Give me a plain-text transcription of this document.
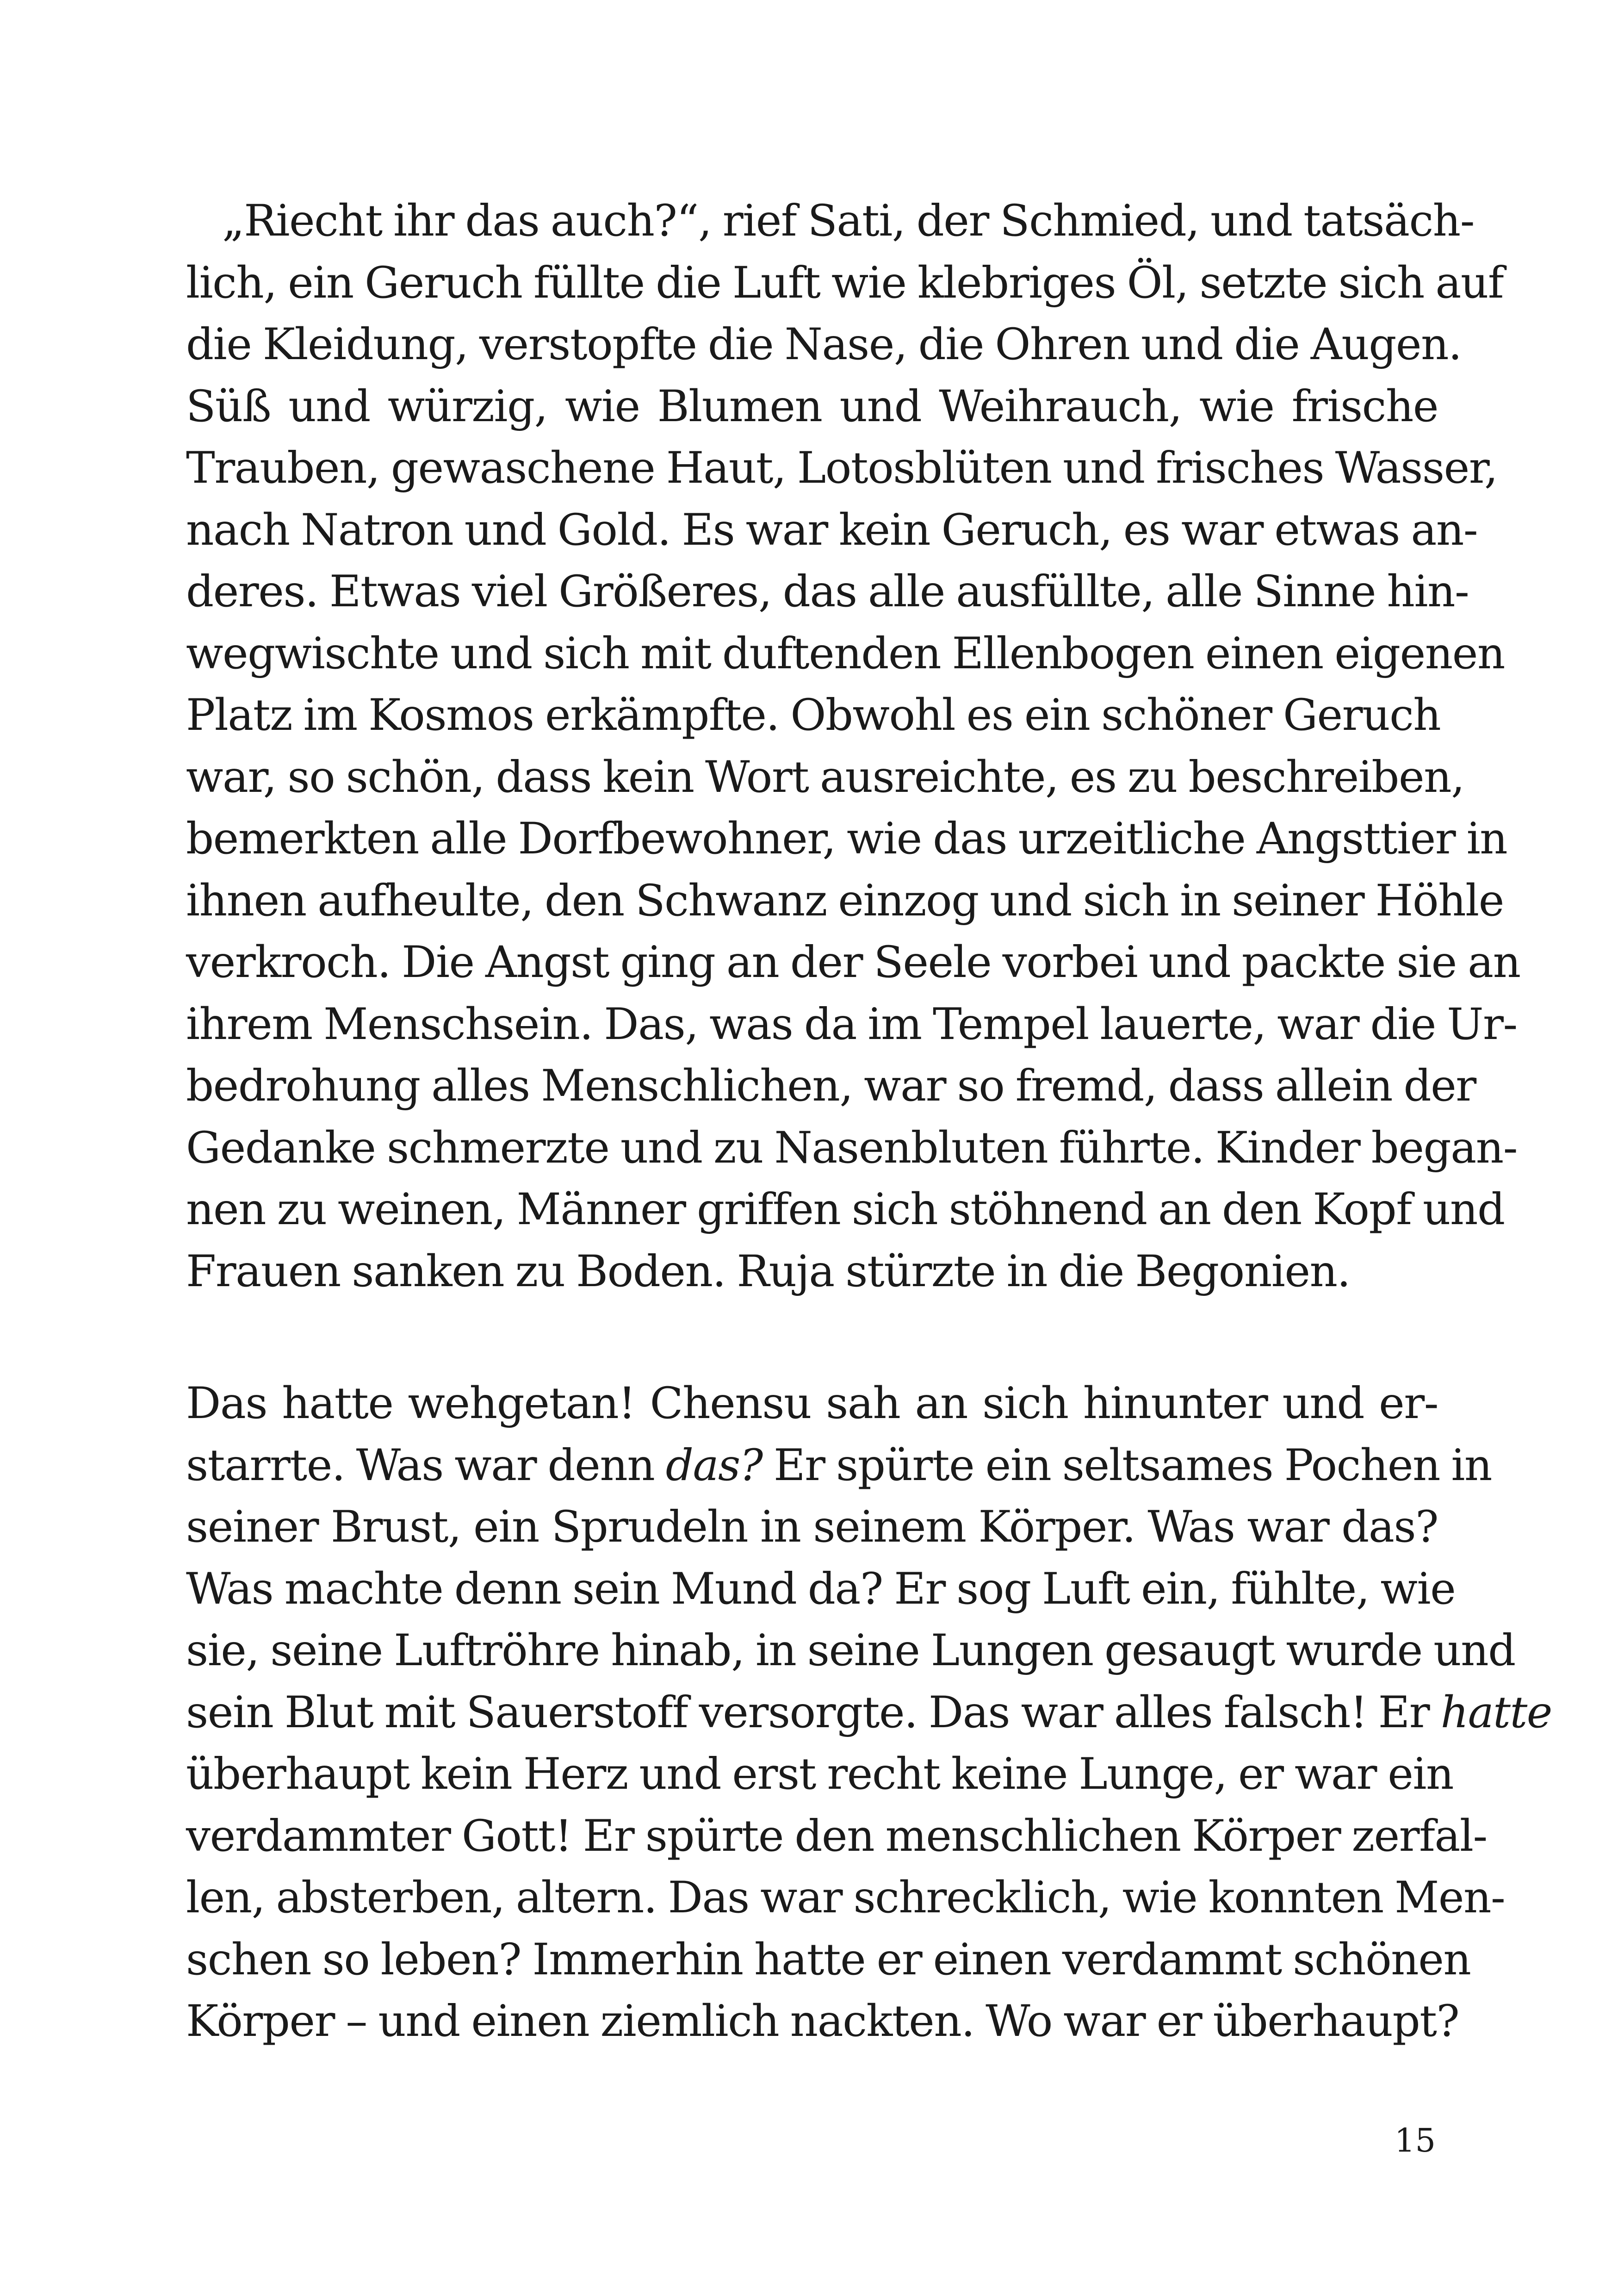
„Riecht ihr das auch?“, rief Sati, der Schmied, und tatsäch-
lich, ein Geruch füllte die Luft wie klebriges Öl, setzte sich auf
die Kleidung, verstopfte die Nase, die Ohren und die Augen.
Süß und würzig, wie Blumen und Weihrauch, wie frische
Trauben, gewaschene Haut, Lotosblüten und frisches Wasser,
nach Natron und Gold. Es war kein Geruch, es war etwas an-
deres. Etwas viel Größeres, das alle ausfüllte, alle Sinne hin-
wegwischte und sich mit duftenden Ellenbogen einen eigenen
Platz im Kosmos erkämpfte. Obwohl es ein schöner Geruch
war, so schön, dass kein Wort ausreichte, es zu beschreiben,
bemerkten alle Dorfbewohner, wie das urzeitliche Angsttier in
ihnen aufheulte, den Schwanz einzog und sich in seiner Höhle
verkroch. Die Angst ging an der Seele vorbei und packte sie an
ihrem Menschsein. Das, was da im Tempel lauerte, war die Ur-
bedrohung alles Menschlichen, war so fremd, dass allein der
Gedanke schmerzte und zu Nasenbluten führte. Kinder began-
nen zu weinen, Männer griffen sich stöhnend an den Kopf und
Frauen sanken zu Boden. Ruja stürzte in die Begonien.
Das hatte wehgetan! Chensu sah an sich hinunter und er-
starrte. Was war denn das? Er spürte ein seltsames Pochen in
seiner Brust, ein Sprudeln in seinem Körper. Was war das?
Was machte denn sein Mund da? Er sog Luft ein, fühlte, wie
sie, seine Luftröhre hinab, in seine Lungen gesaugt wurde und
sein Blut mit Sauerstoff versorgte. Das war alles falsch! Er hatte
überhaupt kein Herz und erst recht keine Lunge, er war ein
verdammter Gott! Er spürte den menschlichen Körper zerfal-
len, absterben, altern. Das war schrecklich, wie konnten Men-
schen so leben? Immerhin hatte er einen verdammt schönen
Körper – und einen ziemlich nackten. Wo war er überhaupt?
15
